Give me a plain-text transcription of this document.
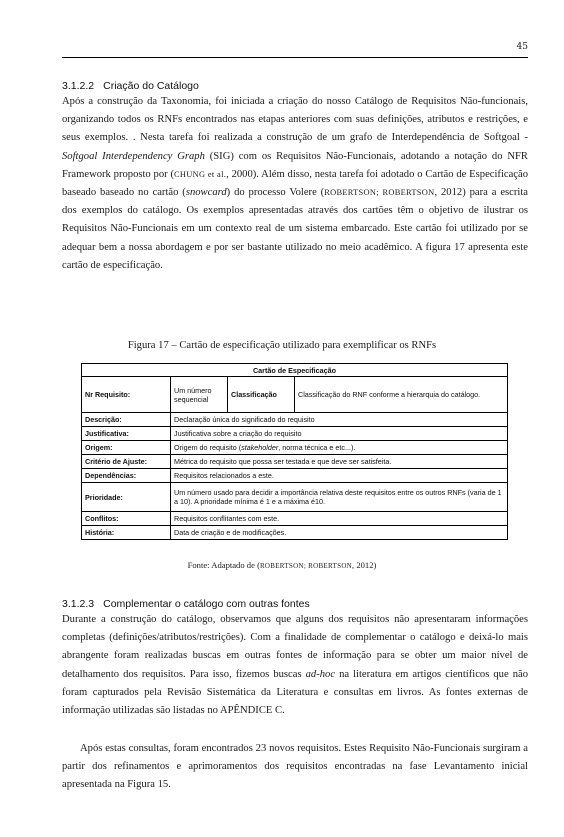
45
3.1.2.2 Criação do Catálogo

Após a construção da Taxonomia, foi iniciada a criação do nosso Catálogo de Requisitos Não-funcionais, organizando todos os RNFs encontrados nas etapas anteriores com suas definições, atributos e restrições, e seus exemplos. . Nesta tarefa foi realizada a construção de um grafo de Interdependência de Softgoal - Softgoal Interdependency Graph (SIG) com os Requisitos Não-Funcionais, adotando a notação do NFR Framework proposto por (CHUNG et al., 2000). Além disso, nesta tarefa foi adotado o Cartão de Especificação baseado baseado no cartão (snowcard) do processo Volere (ROBERTSON; ROBERTSON, 2012) para a escrita dos exemplos do catálogo. Os exemplos apresentadas através dos cartões têm o objetivo de ilustrar os Requisitos Não-Funcionais em um contexto real de um sistema embarcado. Este cartão foi utilizado por se adequar bem a nossa abordagem e por ser bastante utilizado no meio acadêmico. A figura 17 apresenta este cartão de especificação.

Figura 17 – Cartão de especificação utilizado para exemplificar os RNFs
Cartão de Especificação			
Nr Requisito:	Um número sequencial	Classificação	Classificação do RNF conforme a hierarquia do catálogo.
Descrição:	Declaração única do significado do requisito		
Justificativa:	Justificativa sobre a criação do requisito		
Origem:	Origem do requisito (stakeholder, norma técnica e etc...).		
Critério de Ajuste:	Métrica do requisito que possa ser testada e que deve ser satisfeita.		
Dependências:	Requisitos relacionados a este.		
Prioridade:	Um número usado para decidir a importância relativa deste requisitos entre os outros RNFs (varia de 1 a 10). A prioridade mínima é 1 e a máxima é10.		
Conflitos:	Requisitos conflitantes com este.		
História:	Data de criação e de modificações.		
Fonte: Adaptado de (ROBERTSON; ROBERTSON, 2012)
3.1.2.3 Complementar o catálogo com outras fontes

Durante a construção do catálogo, observamos que alguns dos requisitos não apresentaram informações completas (definições/atributos/restrições). Com a finalidade de complementar o catálogo e deixá-lo mais abrangente foram realizadas buscas em outras fontes de informação para se obter um maior nível de detalhamento dos requisitos. Para isso, fizemos buscas ad-hoc na literatura em artigos científicos que não foram capturados pela Revisão Sistemática da Literatura e consultas em livros. As fontes externas de informação utilizadas são listadas no APÊNDICE C.

Após estas consultas, foram encontrados 23 novos requisitos. Estes Requisito Não-Funcionais surgiram a partir dos refinamentos e aprimoramentos dos requisitos encontradas na fase Levantamento inicial apresentada na Figura 15.
